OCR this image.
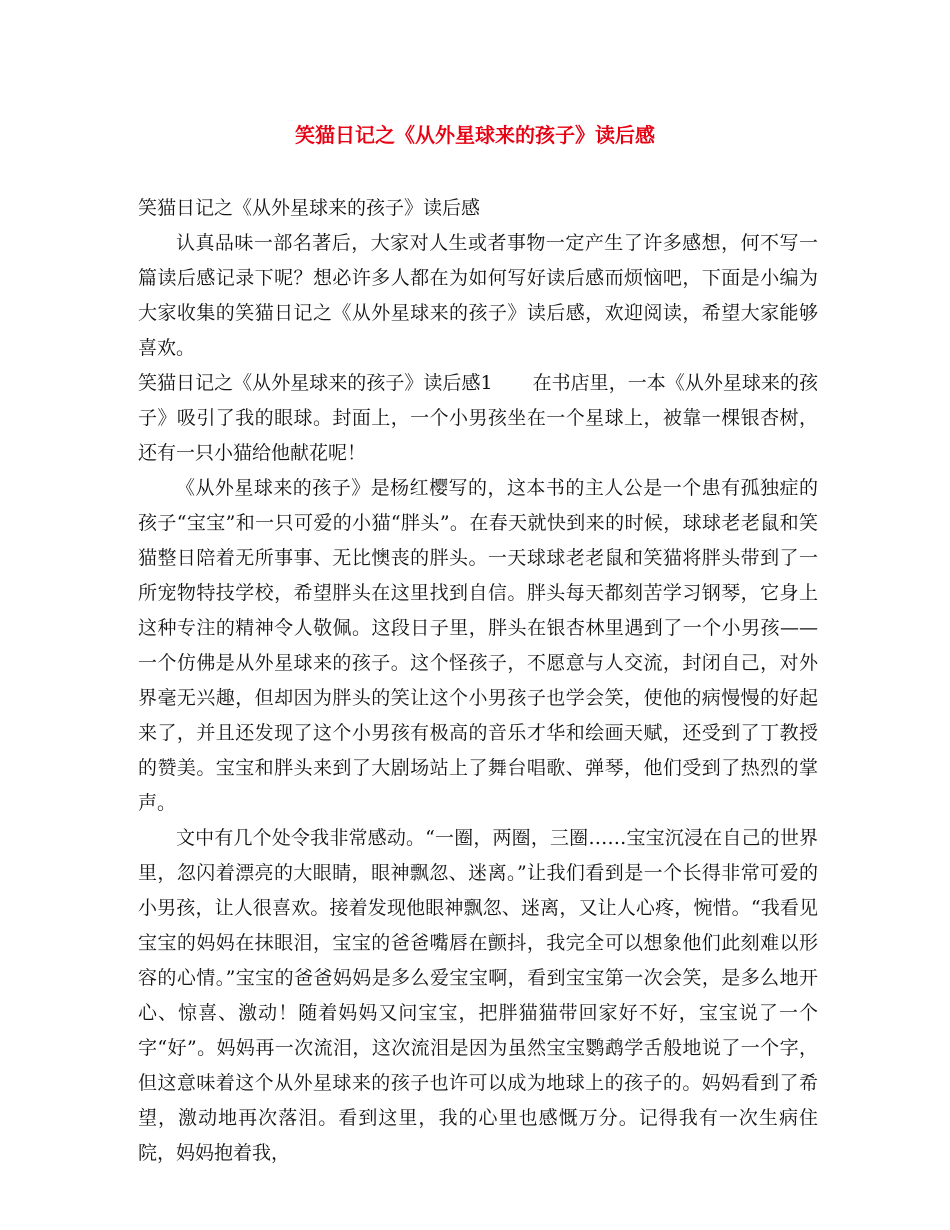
笑猫日记之《从外星球来的孩子》读后感

笑猫日记之《从外星球来的孩子》读后感

认真品味一部名著后，大家对人生或者事物一定产生了许多感想，何不写一篇读后感记录下呢？想必许多人都在为如何写好读后感而烦恼吧，下面是小编为大家收集的笑猫日记之《从外星球来的孩子》读后感，欢迎阅读，希望大家能够喜欢。

笑猫日记之《从外星球来的孩子》读后感1 在书店里，一本《从外星球来的孩子》吸引了我的眼球。封面上，一个小男孩坐在一个星球上，被靠一棵银杏树，还有一只小猫给他献花呢！

《从外星球来的孩子》是杨红樱写的，这本书的主人公是一个患有孤独症的孩子“宝宝”和一只可爱的小猫“胖头”。在春天就快到来的时候，球球老老鼠和笑猫整日陪着无所事事、无比懊丧的胖头。一天球球老老鼠和笑猫将胖头带到了一所宠物特技学校，希望胖头在这里找到自信。胖头每天都刻苦学习钢琴，它身上这种专注的精神令人敬佩。这段日子里，胖头在银杏林里遇到了一个小男孩——一个仿佛是从外星球来的孩子。这个怪孩子，不愿意与人交流，封闭自己，对外界毫无兴趣，但却因为胖头的笑让这个小男孩子也学会笑，使他的病慢慢的好起来了，并且还发现了这个小男孩有极高的音乐才华和绘画天赋，还受到了丁教授的赞美。宝宝和胖头来到了大剧场站上了舞台唱歌、弹琴，他们受到了热烈的掌声。

文中有几个处令我非常感动。“一圈，两圈，三圈……宝宝沉浸在自己的世界里，忽闪着漂亮的大眼睛，眼神飘忽、迷离。”让我们看到是一个长得非常可爱的小男孩，让人很喜欢。接着发现他眼神飘忽、迷离，又让人心疼，惋惜。“我看见宝宝的妈妈在抹眼泪，宝宝的爸爸嘴唇在颤抖，我完全可以想象他们此刻难以形容的心情。”宝宝的爸爸妈妈是多么爱宝宝啊，看到宝宝第一次会笑，是多么地开心、惊喜、激动！随着妈妈又问宝宝，把胖猫猫带回家好不好，宝宝说了一个字“好”。妈妈再一次流泪，这次流泪是因为虽然宝宝鹦鹉学舌般地说了一个字，但这意味着这个从外星球来的孩子也许可以成为地球上的孩子的。妈妈看到了希望，激动地再次落泪。看到这里，我的心里也感慨万分。记得我有一次生病住院，妈妈抱着我，
